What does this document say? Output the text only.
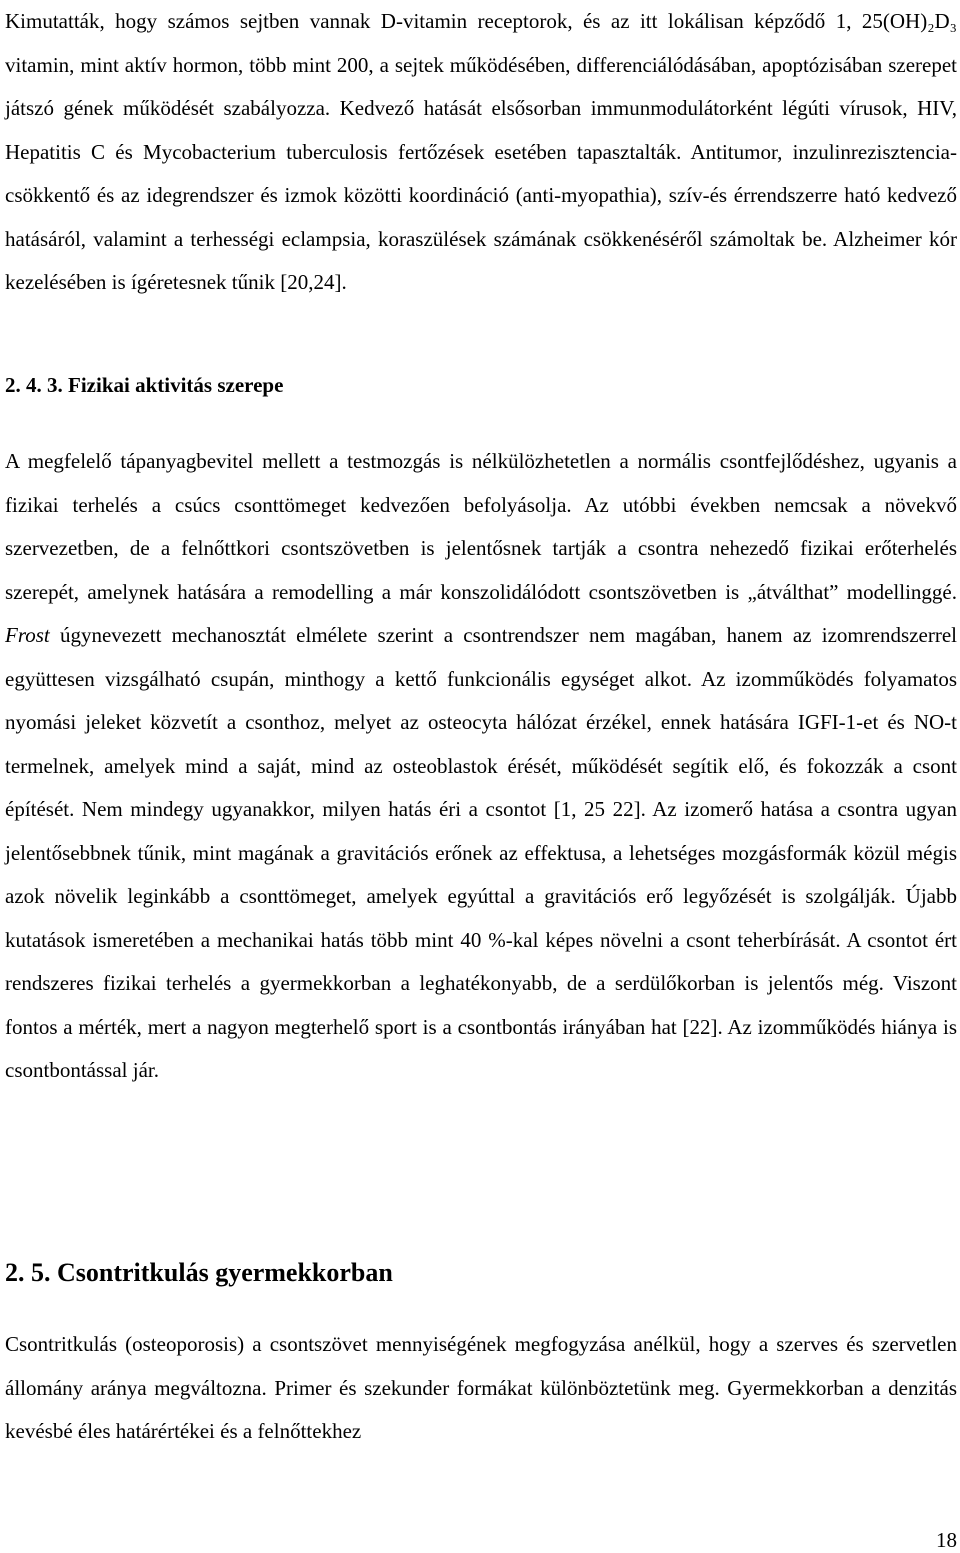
Kimutatták, hogy számos sejtben vannak D-vitamin receptorok, és az itt lokálisan képződő 1, 25(OH)₂D₃ vitamin, mint aktív hormon, több mint 200, a sejtek működésében, differenciálódásában, apoptózisában szerepet játszó gének működését szabályozza. Kedvező hatását elsősorban immunmodulátorként légúti vírusok, HIV, Hepatitis C és Mycobacterium tuberculosis fertőzések esetében tapasztalták. Antitumor, inzulinrezisztencia-csökkentő és az idegrendszer és izmok közötti koordináció (anti-myopathia), szív-és érrendszerre ható kedvező hatásáról, valamint a terhességi eclampsia, koraszülések számának csökkenéséről számoltak be. Alzheimer kór kezelésében is ígéretesnek tűnik [20,24].

2. 4. 3. Fizikai aktivitás szerepe

A megfelelő tápanyagbevitel mellett a testmozgás is nélkülözhetetlen a normális csontfejlődéshez, ugyanis a fizikai terhelés a csúcs csonttömeget kedvezően befolyásolja. Az utóbbi években nemcsak a növekvő szervezetben, de a felnőttkori csontszövetben is jelentősnek tartják a csontra nehezedő fizikai erőterhelés szerepét, amelynek hatására a remodelling a már konszolidálódott csontszövetben is „átválthat” modellinggé. Frost úgynevezett mechanosztát elmélete szerint a csontrendszer nem magában, hanem az izomrendszerrel együttesen vizsgálható csupán, minthogy a kettő funkcionális egységet alkot. Az izomműködés folyamatos nyomási jeleket közvetít a csonthoz, melyet az osteocyta hálózat érzékel, ennek hatására IGFI-1-et és NO-t termelnek, amelyek mind a saját, mind az osteoblastok érését, működését segítik elő, és fokozzák a csont építését. Nem mindegy ugyanakkor, milyen hatás éri a csontot [1, 25 22]. Az izomerő hatása a csontra ugyan jelentősebbnek tűnik, mint magának a gravitációs erőnek az effektusa, a lehetséges mozgásformák közül mégis azok növelik leginkább a csonttömeget, amelyek egyúttal a gravitációs erő legyőzését is szolgálják. Újabb kutatások ismeretében a mechanikai hatás több mint 40 %-kal képes növelni a csont teherbírását. A csontot ért rendszeres fizikai terhelés a gyermekkorban a leghatékonyabb, de a serdülőkorban is jelentős még. Viszont fontos a mérték, mert a nagyon megterhelő sport is a csontbontás irányában hat [22]. Az izomműködés hiánya is csontbontással jár.

2. 5. Csontritkulás gyermekkorban

Csontritkulás (osteoporosis) a csontszövet mennyiségének megfogyzása anélkül, hogy a szerves és szervetlen állomány aránya megváltozna. Primer és szekunder formákat különböztetünk meg. Gyermekkorban a denzitás kevésbé éles határértékei és a felnőttekhez

18
